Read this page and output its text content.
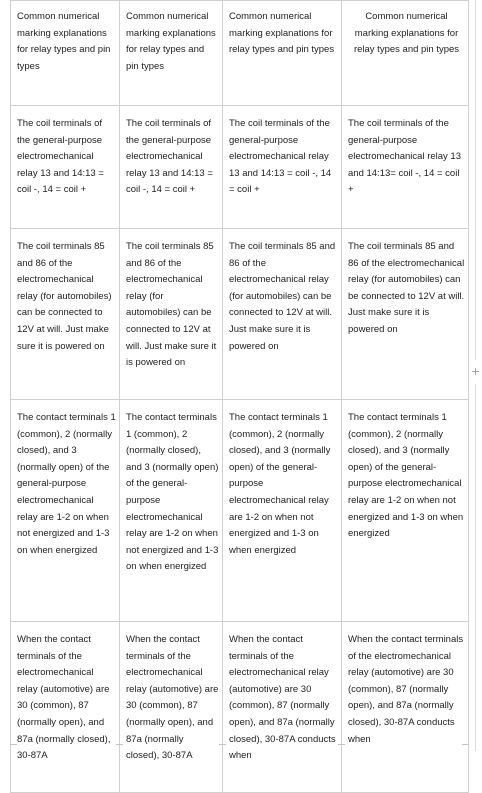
Common numerical marking explanations for relay types and pin types	Common numerical marking explanations for relay types and pin types	Common numerical marking explanations for relay types and pin types	Common numerical marking explanations for relay types and pin types
The coil terminals of the general-purpose electromechanical relay 13 and 14:13 = coil -, 14 = coil +	The coil terminals of the general-purpose electromechanical relay 13 and 14:13 = coil -, 14 = coil +	The coil terminals of the general-purpose electromechanical relay 13 and 14:13 = coil -, 14 = coil +	The coil terminals of the general-purpose electromechanical relay 13 and 14:13= coil -, 14 = coil +
The coil terminals 85 and 86 of the electromechanical relay (for automobiles) can be connected to 12V at will. Just make sure it is powered on	The coil terminals 85 and 86 of the electromechanical relay (for automobiles) can be connected to 12V at will. Just make sure it is powered on	The coil terminals 85 and 86 of the electromechanical relay (for automobiles) can be connected to 12V at will. Just make sure it is powered on	The coil terminals 85 and 86 of the electromechanical relay (for automobiles) can be connected to 12V at will. Just make sure it is powered on
The contact terminals 1 (common), 2 (normally closed), and 3 (normally open) of the general-purpose electromechanical relay are 1-2 on when not energized and 1-3 on when energized	The contact terminals 1 (common), 2 (normally closed), and 3 (normally open) of the general-purpose electromechanical relay are 1-2 on when not energized and 1-3 on when energized	The contact terminals 1 (common), 2 (normally closed), and 3 (normally open) of the general-purpose electromechanical relay are 1-2 on when not energized and 1-3 on when energized	The contact terminals 1 (common), 2 (normally closed), and 3 (normally open) of the general-purpose electromechanical relay are 1-2 on when not energized and 1-3 on when energized
When the contact terminals of the electromechanical relay (automotive) are 30 (common), 87 (normally open), and 87a (normally closed), 30-87A	When the contact terminals of the electromechanical relay (automotive) are 30 (common), 87 (normally open), and 87a (normally closed), 30-87A	When the contact terminals of the electromechanical relay (automotive) are 30 (common), 87 (normally open), and 87a (normally closed), 30-87A conducts when	When the contact terminals of the electromechanical relay (automotive) are 30 (common), 87 (normally open), and 87a (normally closed), 30-87A conducts when
+
